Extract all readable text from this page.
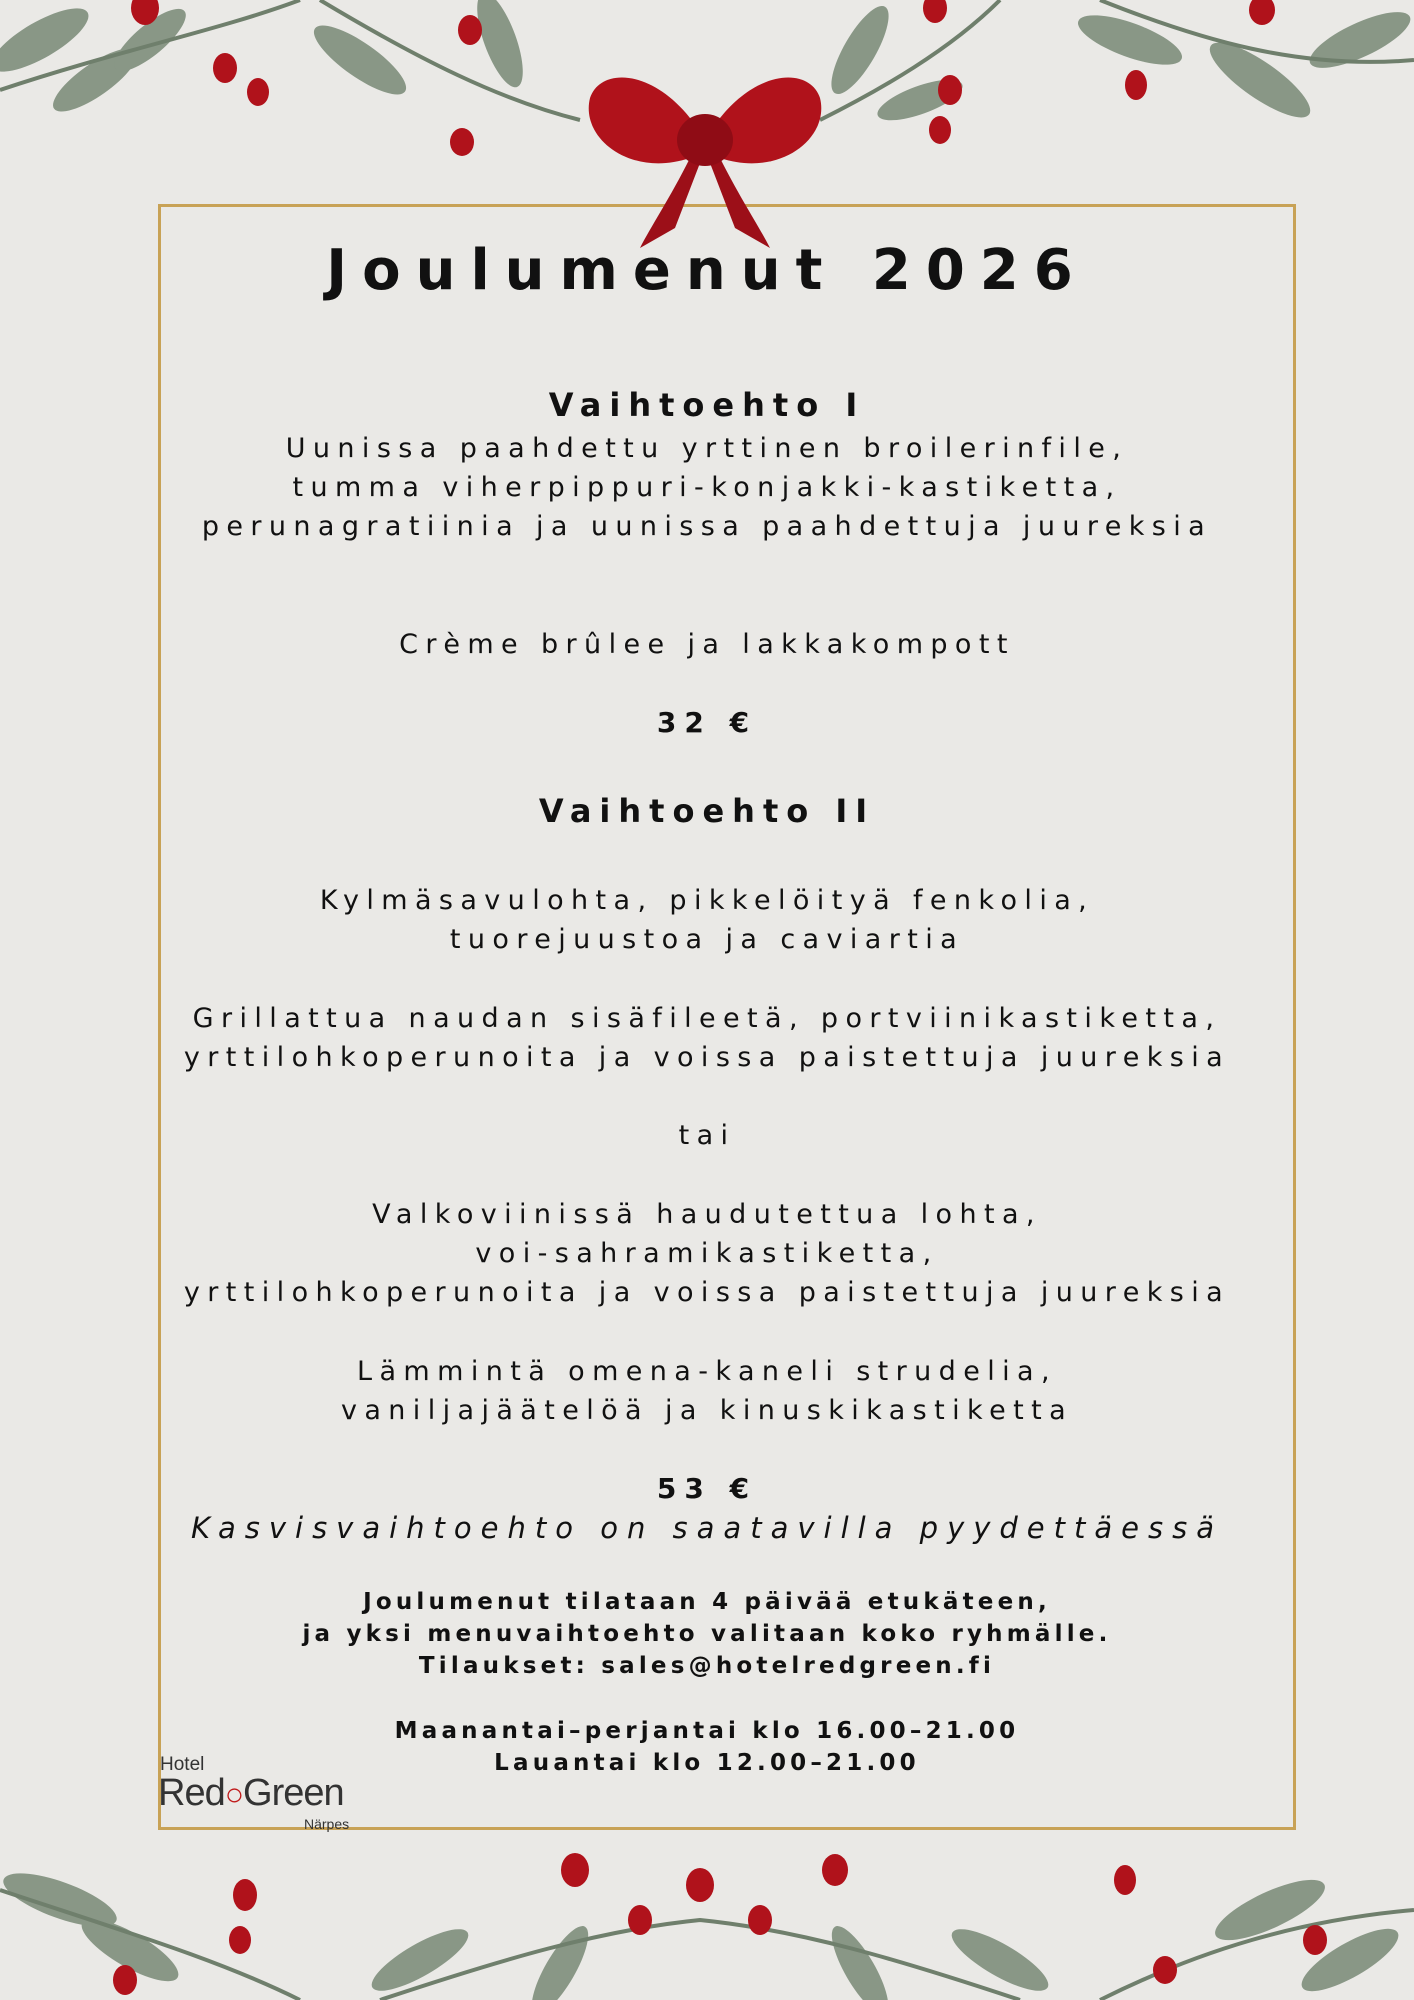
Joulumenut 2026
Vaihtoehto I
Uunissa paahdettu yrttinen broilerinfile,
tumma viherpippuri-konjakki-kastiketta,
perunagratiinia ja uunissa paahdettuja juureksia
Crème brûlee ja lakkakompott
32 €
Vaihtoehto II
Kylmäsavulohta, pikkelöityä fenkolia,
tuorejuustoa ja caviartia
Grillattua naudan sisäfileetä, portviinikastiketta,
yrttilohkoperunoita ja voissa paistettuja juureksia
tai
Valkoviinissä haudutettua lohta,
voi-sahramikastiketta,
yrttilohkoperunoita ja voissa paistettuja juureksia
Lämmintä omena-kaneli strudelia,
vaniljajäätelöä ja kinuskikastiketta
53 €
Kasvisvaihtoehto on saatavilla pyydettäessä
Joulumenut tilataan 4 päivää etukäteen,
ja yksi menuvaihtoehto valitaan koko ryhmälle.
Tilaukset: sales@hotelredgreen.fi
Maanantai–perjantai klo 16.00–21.00
Lauantai klo 12.00–21.00
Hotel
Red○Green
Närpes
